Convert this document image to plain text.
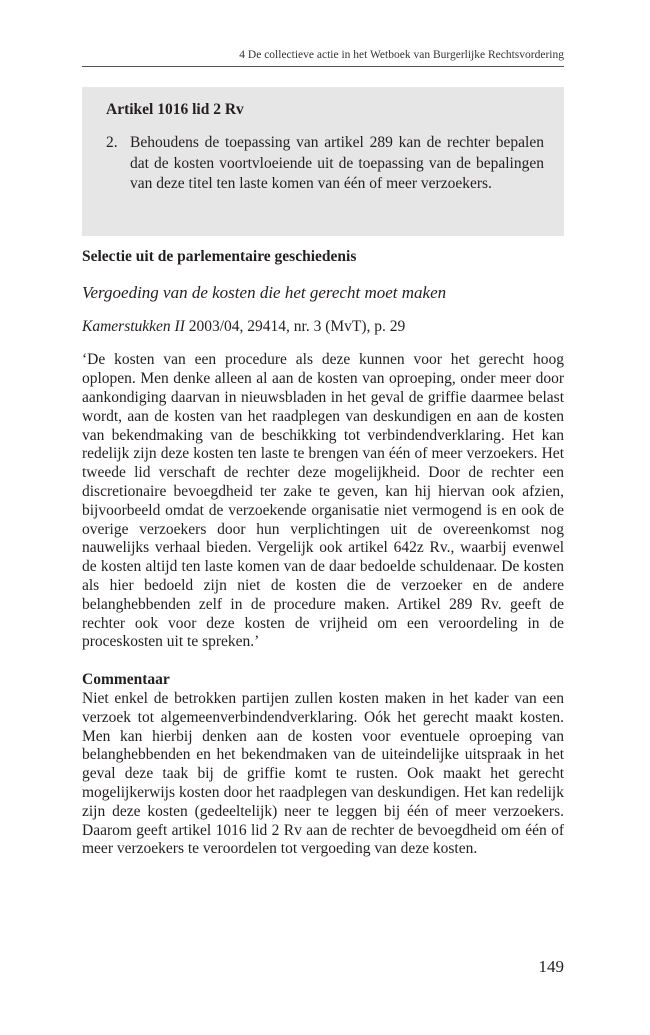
4 De collectieve actie in het Wetboek van Burgerlijke Rechtsvordering
Artikel 1016 lid 2 Rv
2. Behoudens de toepassing van artikel 289 kan de rechter bepalen dat de kosten voortvloeiende uit de toepassing van de bepalingen van deze titel ten laste komen van één of meer verzoekers.
Selectie uit de parlementaire geschiedenis
Vergoeding van de kosten die het gerecht moet maken
Kamerstukken II 2003/04, 29414, nr. 3 (MvT), p. 29
‘De kosten van een procedure als deze kunnen voor het gerecht hoog oplopen. Men denke alleen al aan de kosten van oproeping, onder meer door aankondiging daarvan in nieuwsbladen in het geval de griffie daarmee belast wordt, aan de kosten van het raadplegen van deskundigen en aan de kosten van bekendmaking van de beschikking tot verbindendverklaring. Het kan redelijk zijn deze kosten ten laste te brengen van één of meer verzoekers. Het tweede lid verschaft de rechter deze mogelijkheid. Door de rechter een discretionaire bevoegdheid ter zake te geven, kan hij hiervan ook afzien, bijvoorbeeld omdat de verzoekende organisatie niet vermogend is en ook de overige verzoekers door hun verplichtingen uit de overeenkomst nog nauwelijks verhaal bieden. Vergelijk ook artikel 642z Rv., waarbij evenwel de kosten altijd ten laste komen van de daar bedoelde schuldenaar. De kosten als hier bedoeld zijn niet de kosten die de verzoeker en de andere belanghebbenden zelf in de procedure maken. Artikel 289 Rv. geeft de rechter ook voor deze kosten de vrijheid om een veroordeling in de proceskosten uit te spreken.’
Commentaar
Niet enkel de betrokken partijen zullen kosten maken in het kader van een verzoek tot algemeenverbindendverklaring. Oók het gerecht maakt kosten. Men kan hierbij denken aan de kosten voor eventuele oproeping van belanghebbenden en het bekendmaken van de uiteindelijke uitspraak in het geval deze taak bij de griffie komt te rusten. Ook maakt het gerecht mogelijkerwijs kosten door het raadplegen van deskundigen. Het kan redelijk zijn deze kosten (gedeeltelijk) neer te leggen bij één of meer verzoekers. Daarom geeft artikel 1016 lid 2 Rv aan de rechter de bevoegdheid om één of meer verzoekers te veroordelen tot vergoeding van deze kosten.
149
